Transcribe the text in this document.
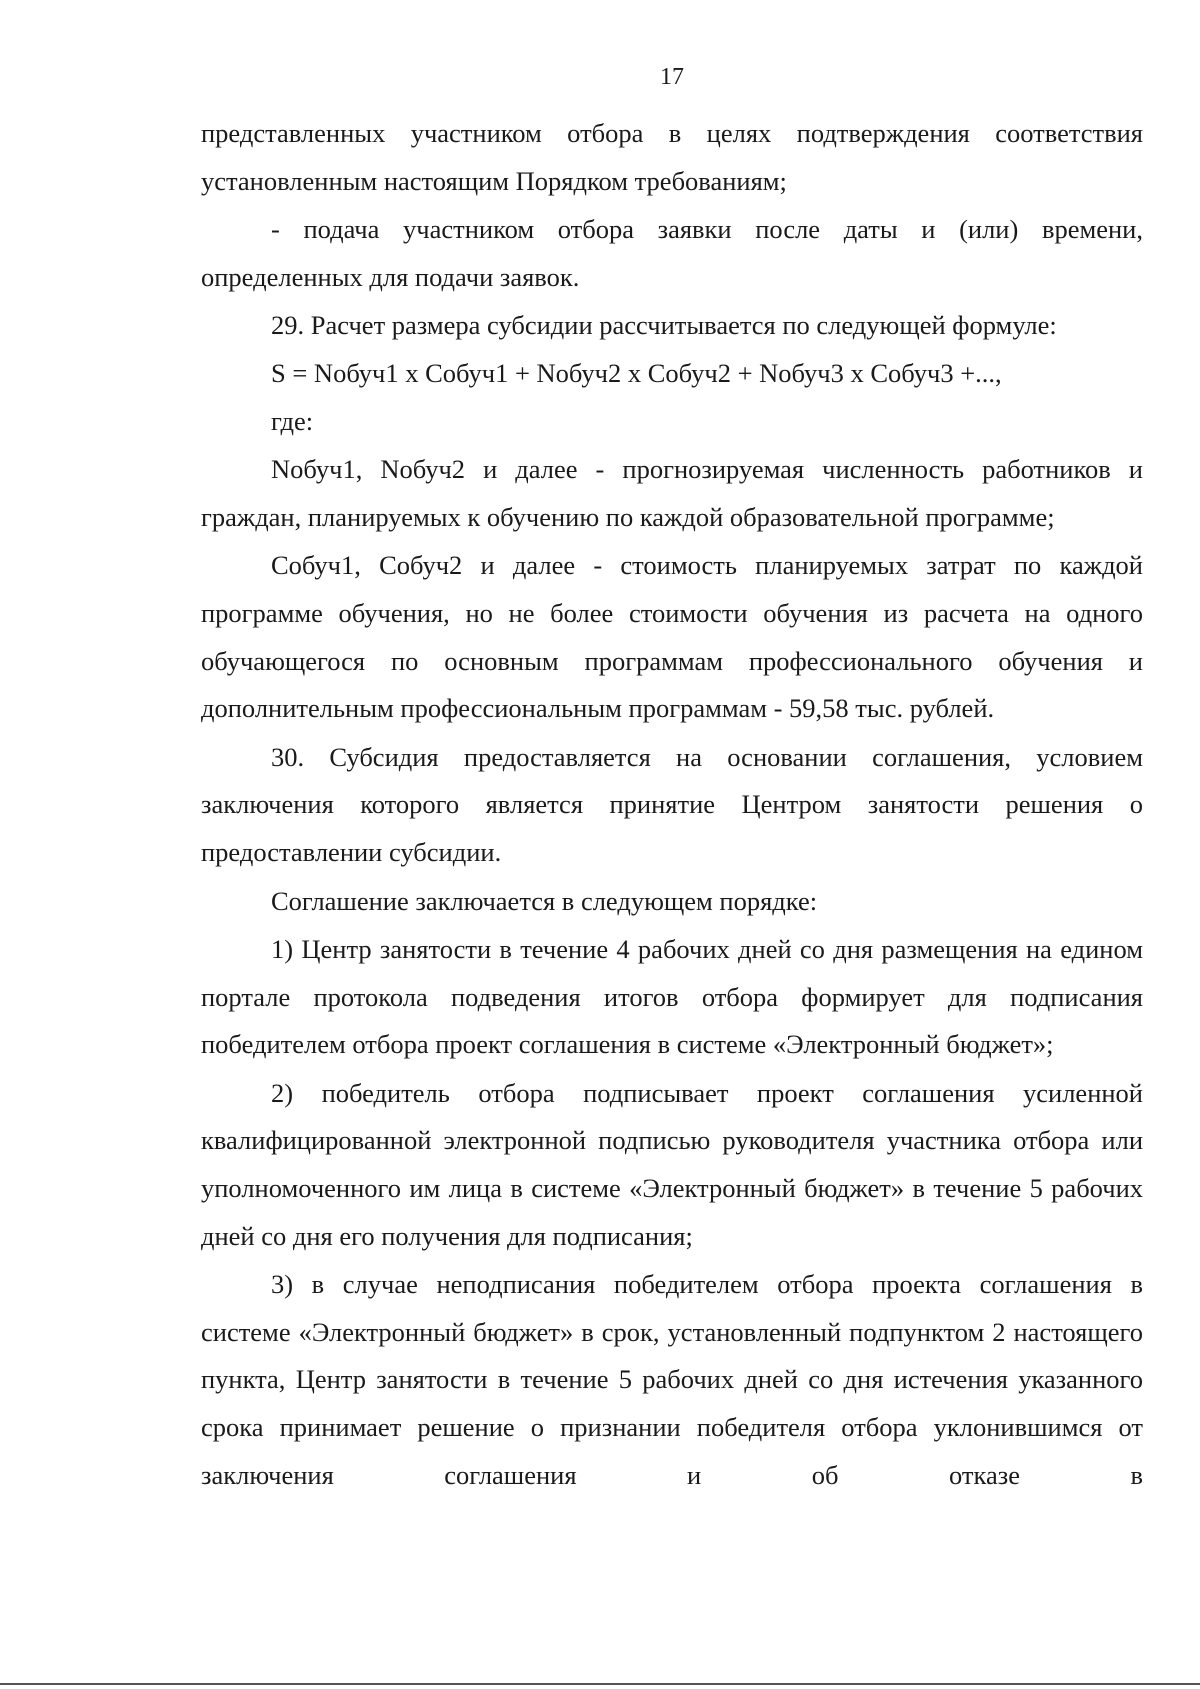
17

представленных участником отбора в целях подтверждения соответствия установленным настоящим Порядком требованиям;

- подача участником отбора заявки после даты и (или) времени, определенных для подачи заявок.

29. Расчет размера субсидии рассчитывается по следующей формуле:

S = Nобуч1 х Cобуч1 + Nобуч2 х Cобуч2 + Nобуч3 х Cобуч3 +...,

где:

Nобуч1, Nобуч2 и далее - прогнозируемая численность работников и граждан, планируемых к обучению по каждой образовательной программе;

Собуч1, Собуч2 и далее - стоимость планируемых затрат по каждой программе обучения, но не более стоимости обучения из расчета на одного обучающегося по основным программам профессионального обучения и дополнительным профессиональным программам - 59,58 тыс. рублей.

30. Субсидия предоставляется на основании соглашения, условием заключения которого является принятие Центром занятости решения о предоставлении субсидии.

Соглашение заключается в следующем порядке:

1) Центр занятости в течение 4 рабочих дней со дня размещения на едином портале протокола подведения итогов отбора формирует для подписания победителем отбора проект соглашения в системе «Электронный бюджет»;

2) победитель отбора подписывает проект соглашения усиленной квалифицированной электронной подписью руководителя участника отбора или уполномоченного им лица в системе «Электронный бюджет» в течение 5 рабочих дней со дня его получения для подписания;

3) в случае неподписания победителем отбора проекта соглашения в системе «Электронный бюджет» в срок, установленный подпунктом 2 настоящего пункта, Центр занятости в течение 5 рабочих дней со дня истечения указанного срока принимает решение о признании победителя отбора уклонившимся от заключения соглашения и об отказе в
